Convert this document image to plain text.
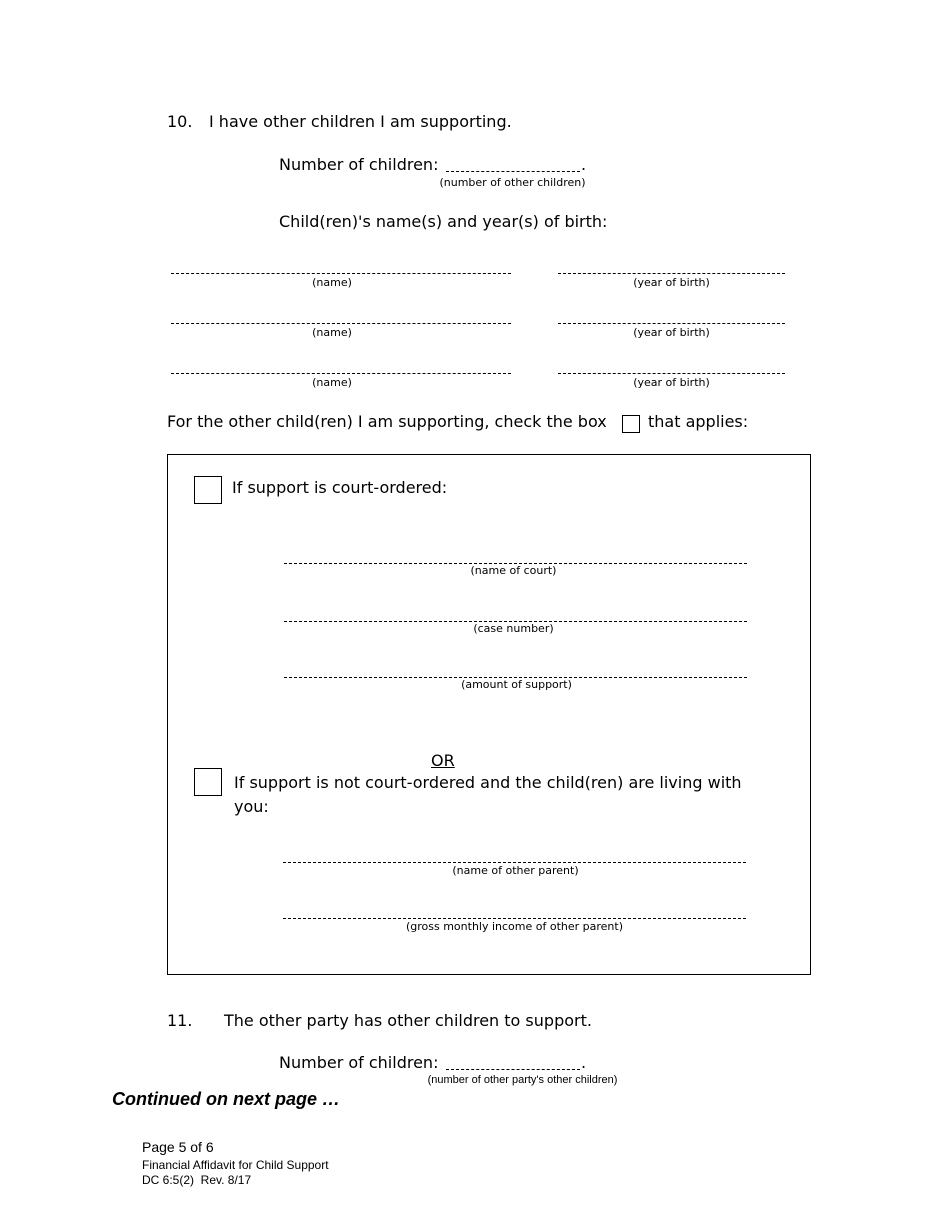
10. I have other children I am supporting.
Number of children:	.
(number of other children)
Child(ren)'s name(s) and year(s) of birth:
(name)	(year of birth)
(name)	(year of birth)
(name)	(year of birth)
For the other child(ren) I am supporting, check the box	that applies:
If support is court-ordered:
(name of court)
(case number)
(amount of support)
OR
If support is not court-ordered and the child(ren) are living with
you:
(name of other parent)
(gross monthly income of other parent)
11. The other party has other children to support.
Number of children:	.
(number of other party's other children)
Continued on next page …
Page 5 of 6
Financial Affidavit for Child Support
DC 6:5(2)  Rev. 8/17
